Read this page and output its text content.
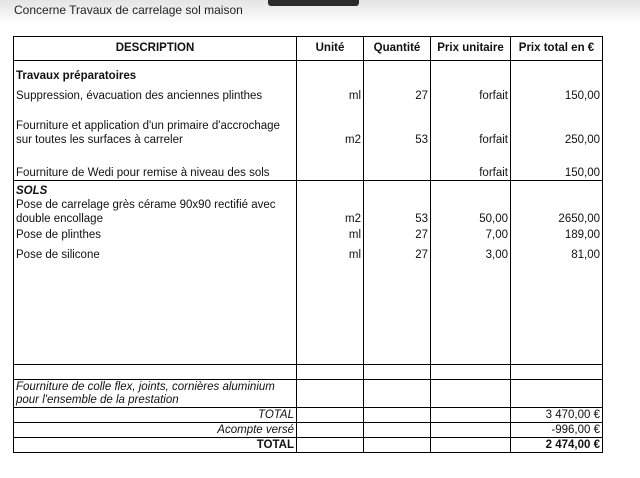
Concerne Travaux de carrelage sol maison
DESCRIPTION	Unité	Quantité	Prix unitaire	Prix total en €

Travaux préparatoires				
Suppression, évacuation des anciennes plinthes	ml	27	forfait	150,00

Fourniture et application d'un primaire d'accrochage				
sur toutes les surfaces à carreler	m2	53	forfait	250,00

Fourniture de Wedi pour remise à niveau des sols			forfait	150,00
SOLS				
Pose de carrelage grès cérame 90x90 rectifié avec				
double encollage	m2	53	50,00	2650,00
Pose de plinthes	ml	27	7,00	189,00
Pose de silicone	ml	27	3,00	81,00

Fourniture de colle flex, joints, cornières aluminium				
pour l'ensemble de la prestation				
TOTAL				3 470,00 €
Acompte versé				-996,00 €
TOTAL				2 474,00 €
